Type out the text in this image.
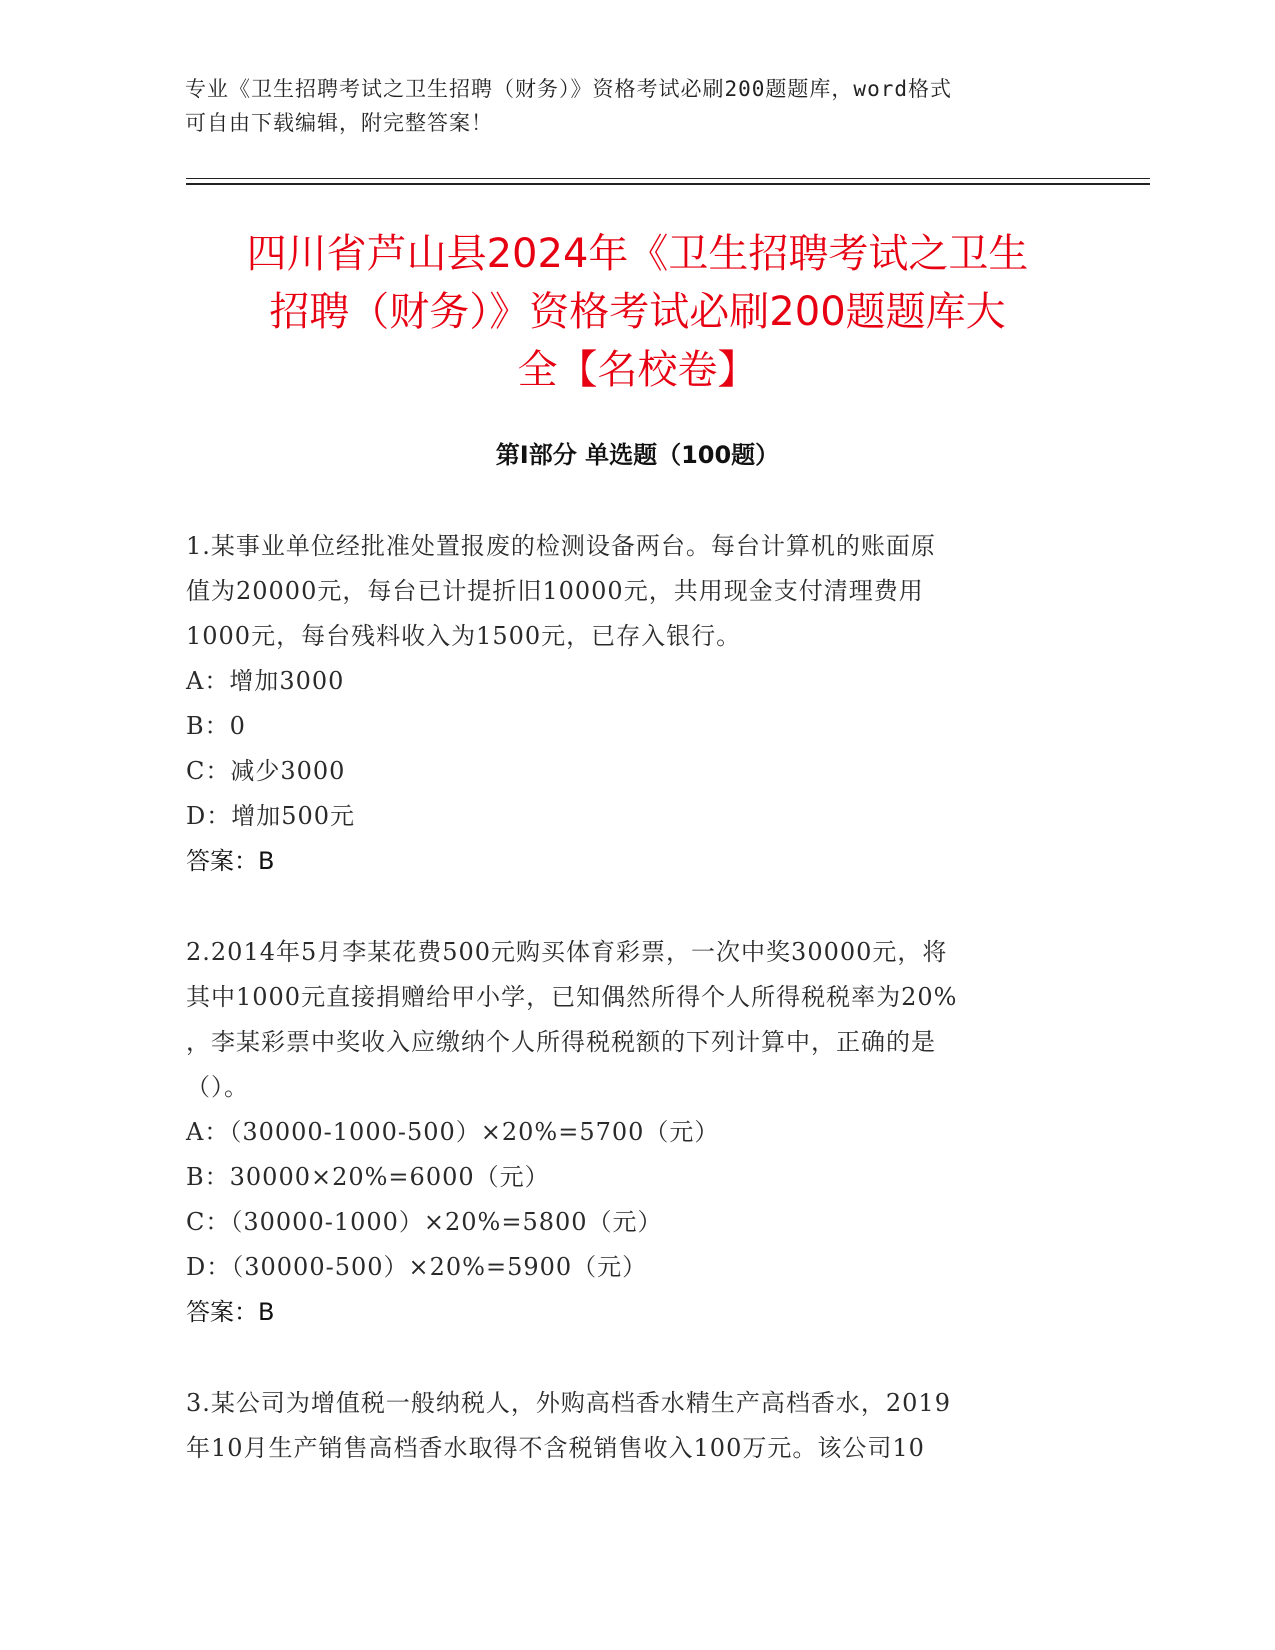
专业《卫生招聘考试之卫生招聘（财务）》资格考试必刷200题题库，word格式
可自由下载编辑，附完整答案！
四川省芦山县2024年《卫生招聘考试之卫生
招聘（财务）》资格考试必刷200题题库大
全【名校卷】
第Ⅰ部分 单选题（100题）
1.某事业单位经批准处置报废的检测设备两台。每台计算机的账面原
值为20000元，每台已计提折旧10000元，共用现金支付清理费用
1000元，每台残料收入为1500元，已存入银行。
A：增加3000
B：0
C：减少3000
D：增加500元
答案：B
2.2014年5月李某花费500元购买体育彩票，一次中奖30000元，将
其中1000元直接捐赠给甲小学，已知偶然所得个人所得税税率为20%
，李某彩票中奖收入应缴纳个人所得税税额的下列计算中，正确的是
（）。
A：（30000-1000-500）×20%=5700（元）
B：30000×20%=6000（元）
C：（30000-1000）×20%=5800（元）
D：（30000-500）×20%=5900（元）
答案：B
3.某公司为增值税一般纳税人，外购高档香水精生产高档香水，2019
年10月生产销售高档香水取得不含税销售收入100万元。该公司10
